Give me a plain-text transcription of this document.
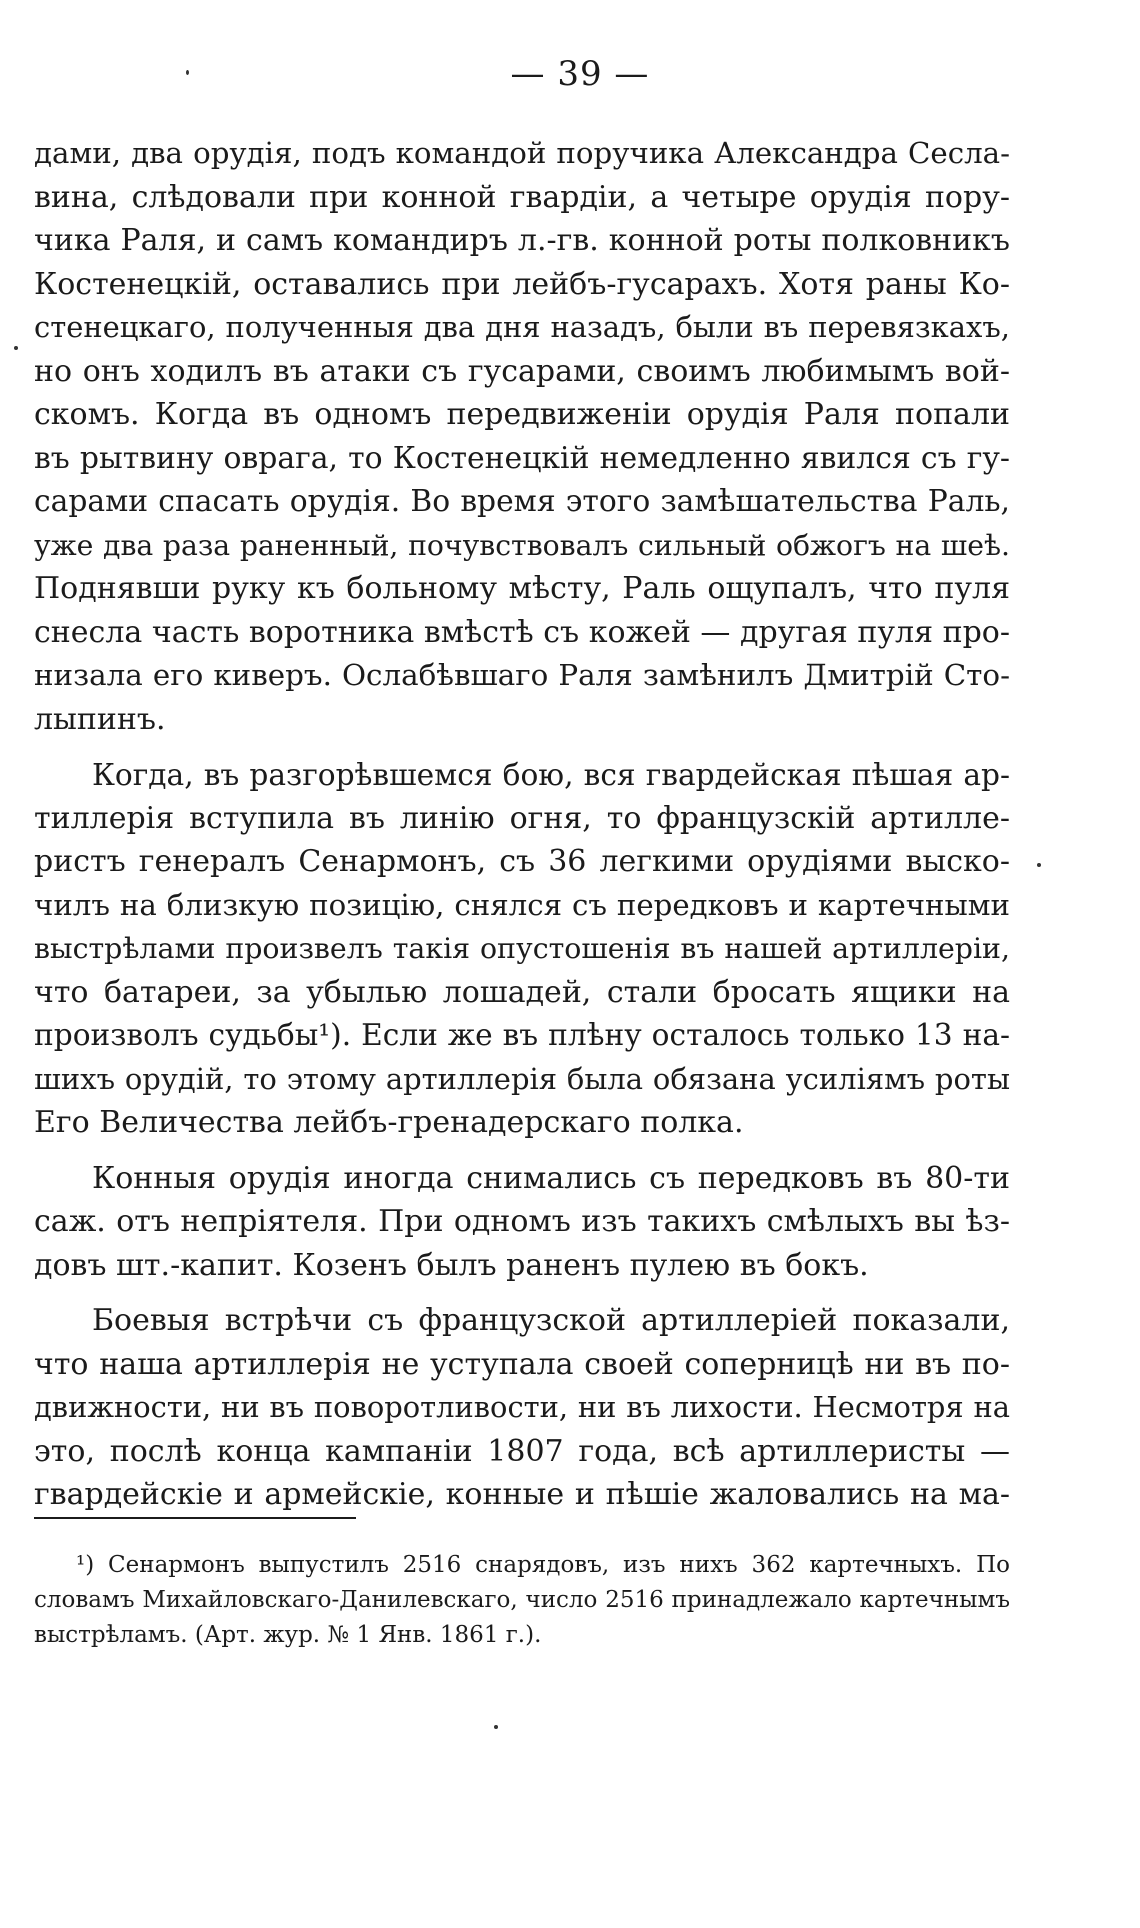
— 39 —
дами, два орудія, подъ командой поручика Александра Сесла-
вина, слѣдовали при конной гвардіи, а четыре орудія пору-
чика Раля, и самъ командиръ л.-гв. конной роты полковникъ
Костенецкій, оставались при лейбъ-гусарахъ. Хотя раны Ко-
стенецкаго, полученныя два дня назадъ, были въ перевязкахъ,
но онъ ходилъ въ атаки съ гусарами, своимъ любимымъ вой-
скомъ. Когда въ одномъ передвиженіи орудія Раля попали
въ рытвину оврага, то Костенецкій немедленно явился съ гу-
сарами спасать орудія. Во время этого замѣшательства Раль,
уже два раза раненный, почувствовалъ сильный обжогъ на шеѣ.
Поднявши руку къ больному мѣсту, Раль ощупалъ, что пуля
снесла часть воротника вмѣстѣ съ кожей — другая пуля про-
низала его киверъ. Ослабѣвшаго Раля замѣнилъ Дмитрій Сто-
лыпинъ.
Когда, въ разгорѣвшемся бою, вся гвардейская пѣшая ар-
тиллерія вступила въ линію огня, то французскій артилле-
ристъ генералъ Сенармонъ, съ 36 легкими орудіями выско-
чилъ на близкую позицію, снялся съ передковъ и картечными
выстрѣлами произвелъ такія опустошенія въ нашей артиллеріи,
что батареи, за убылью лошадей, стали бросать ящики на
произволъ судьбы¹). Если же въ плѣну осталось только 13 на-
шихъ орудій, то этому артиллерія была обязана усиліямъ роты
Его Величества лейбъ-гренадерскаго полка.
Конныя орудія иногда снимались съ передковъ въ 80-ти
саж. отъ непріятеля. При одномъ изъ такихъ смѣлыхъ вы ѣз-
довъ шт.-капит. Козенъ былъ раненъ пулею въ бокъ.
Боевыя встрѣчи съ французской артиллеріей показали,
что наша артиллерія не уступала своей соперницѣ ни въ по-
движности, ни въ поворотливости, ни въ лихости. Несмотря на
это, послѣ конца кампаніи 1807 года, всѣ артиллеристы —
гвардейскіе и армейскіе, конные и пѣшіе жаловались на ма-
¹) Сенармонъ выпустилъ 2516 снарядовъ, изъ нихъ 362 картечныхъ. По
словамъ Михайловскаго-Данилевскаго, число 2516 принадлежало картечнымъ
выстрѣламъ. (Арт. жур. № 1 Янв. 1861 г.).
